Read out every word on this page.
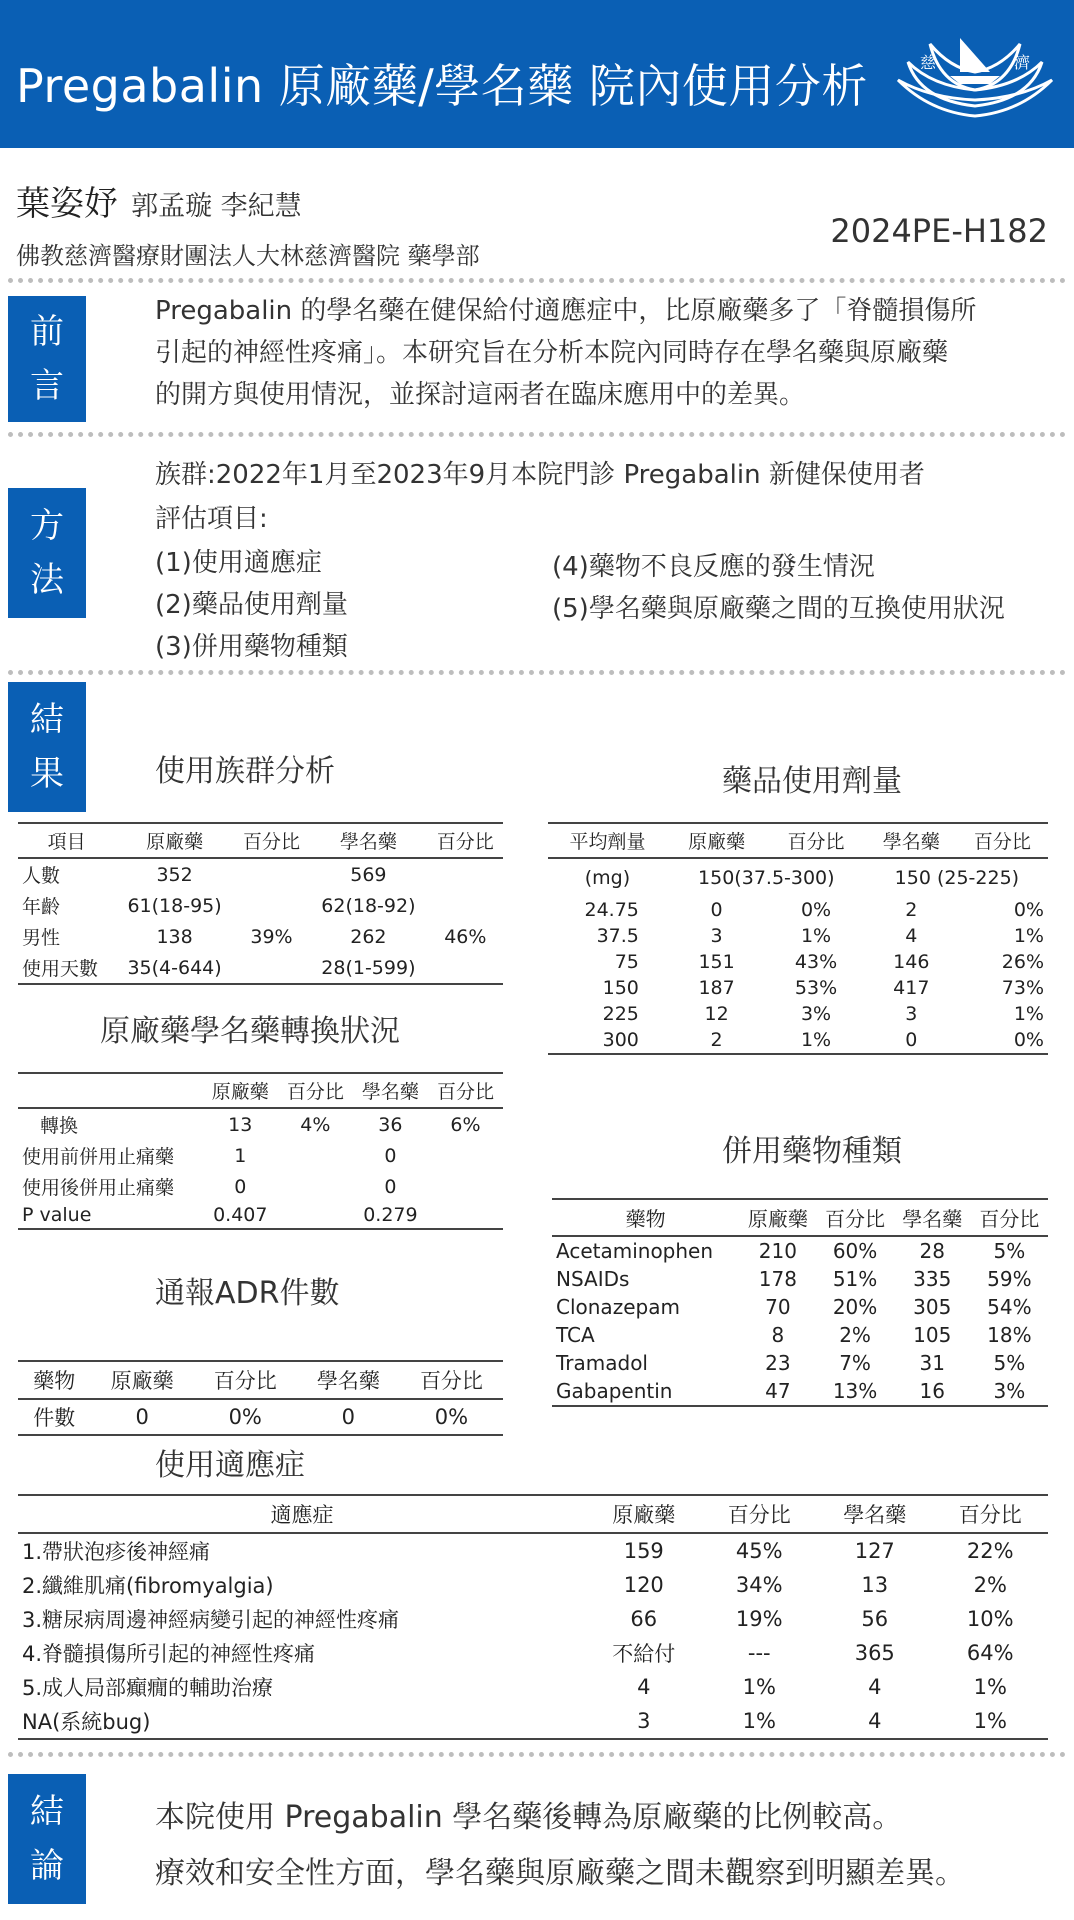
Pregabalin 原廠藥/學名藥 院內使用分析	慈	濟
葉姿妤 郭孟璇 李紀慧
佛教慈濟醫療財團法人大林慈濟醫院 藥學部
2024PE-H182
前
言
Pregabalin 的學名藥在健保給付適應症中，比原廠藥多了「脊髓損傷所
引起的神經性疼痛」。本研究旨在分析本院內同時存在學名藥與原廠藥
的開方與使用情況，並探討這兩者在臨床應用中的差異。
方
法
族群:2022年1月至2023年9月本院門診 Pregabalin 新健保使用者
評估項目:
(1)使用適應症
(2)藥品使用劑量
(3)併用藥物種類
(4)藥物不良反應的發生情況
(5)學名藥與原廠藥之間的互換使用狀況
結
果	使用族群分析
項目	原廠藥	百分比	學名藥	百分比
人數	352		569	
年齡	61(18-95)		62(18-92)	
男性	138	39%	262	46%
使用天數	35(4-644)		28(1-599)	
原廠藥學名藥轉換狀況
	原廠藥	百分比	學名藥	百分比
轉換	13	4%	36	6%
使用前併用止痛藥	1		0	
使用後併用止痛藥	0		0	
P value	0.407		0.279	
通報ADR件數
藥物	原廠藥	百分比	學名藥	百分比
件數	0	0%	0	0%
藥品使用劑量
平均劑量	原廠藥	百分比	學名藥	百分比
(mg)	150(37.5-300)		150 (25-225)	
24.75	0	0%	2	0%
37.5	3	1%	4	1%
75	151	43%	146	26%
150	187	53%	417	73%
225	12	3%	3	1%
300	2	1%	0	0%
併用藥物種類
藥物	原廠藥	百分比	學名藥	百分比
Acetaminophen	210	60%	28	5%
NSAIDs	178	51%	335	59%
Clonazepam	70	20%	305	54%
TCA	8	2%	105	18%
Tramadol	23	7%	31	5%
Gabapentin	47	13%	16	3%
使用適應症
適應症	原廠藥	百分比	學名藥	百分比
1.帶狀泡疹後神經痛	159	45%	127	22%
2.纖維肌痛(fibromyalgia)	120	34%	13	2%
3.糖尿病周邊神經病變引起的神經性疼痛	66	19%	56	10%
4.脊髓損傷所引起的神經性疼痛	不給付	---	365	64%
5.成人局部癲癇的輔助治療	4	1%	4	1%
NA(系統bug)	3	1%	4	1%
結
論
本院使用 Pregabalin 學名藥後轉為原廠藥的比例較高。
療效和安全性方面，學名藥與原廠藥之間未觀察到明顯差異。
